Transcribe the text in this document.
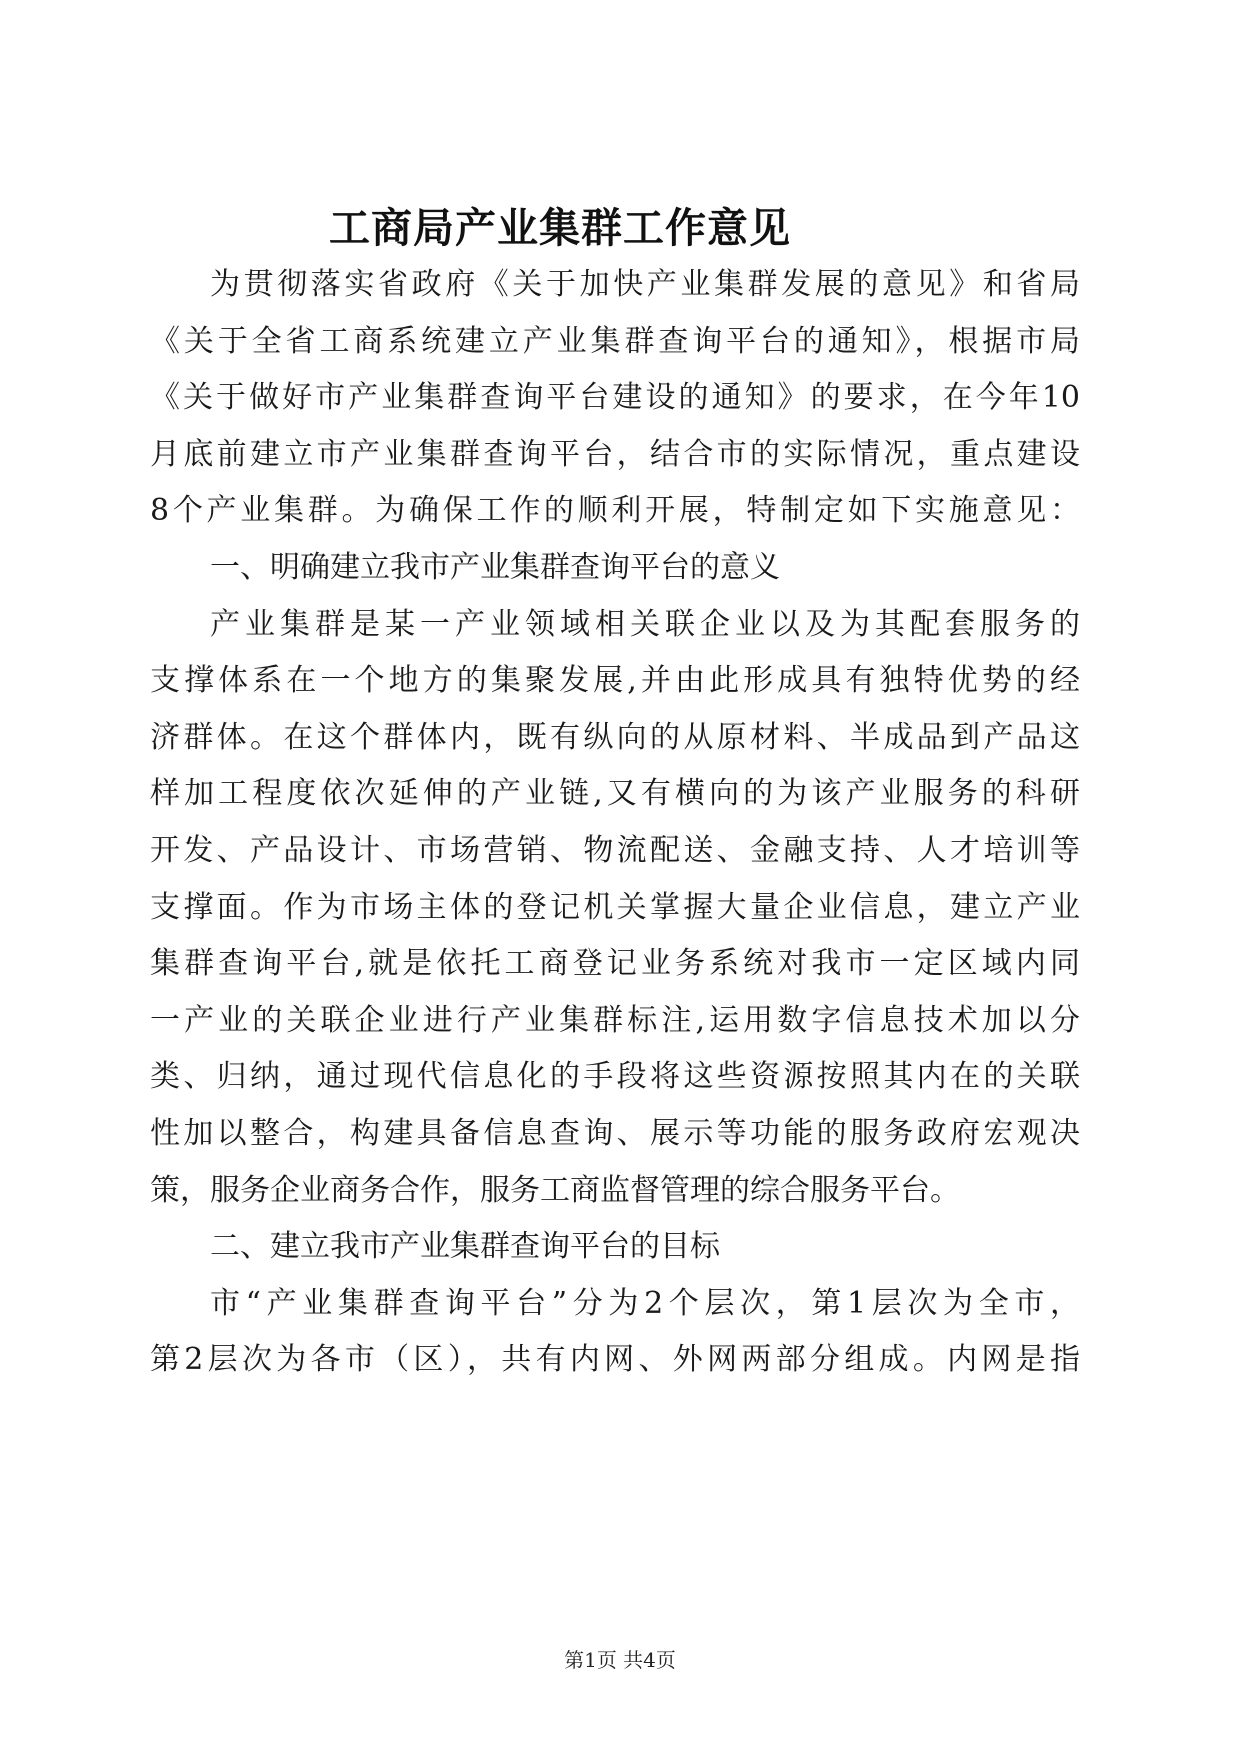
工商局产业集群工作意见
为贯彻落实省政府《关于加快产业集群发展的意见》和省局
《关于全省工商系统建立产业集群查询平台的通知》，根据市局
《关于做好市产业集群查询平台建设的通知》的要求，在今年10
月底前建立市产业集群查询平台，结合市的实际情况，重点建设
8个产业集群。为确保工作的顺利开展，特制定如下实施意见：
一、明确建立我市产业集群查询平台的意义
产业集群是某一产业领域相关联企业以及为其配套服务的
支撑体系在一个地方的集聚发展,并由此形成具有独特优势的经
济群体。在这个群体内，既有纵向的从原材料、半成品到产品这
样加工程度依次延伸的产业链,又有横向的为该产业服务的科研
开发、产品设计、市场营销、物流配送、金融支持、人才培训等
支撑面。作为市场主体的登记机关掌握大量企业信息，建立产业
集群查询平台,就是依托工商登记业务系统对我市一定区域内同
一产业的关联企业进行产业集群标注,运用数字信息技术加以分
类、归纳，通过现代信息化的手段将这些资源按照其内在的关联
性加以整合，构建具备信息查询、展示等功能的服务政府宏观决
策，服务企业商务合作，服务工商监督管理的综合服务平台。
二、建立我市产业集群查询平台的目标
市“产业集群查询平台”分为2个层次，第1层次为全市，
第2层次为各市（区），共有内网、外网两部分组成。内网是指
第1页 共4页
